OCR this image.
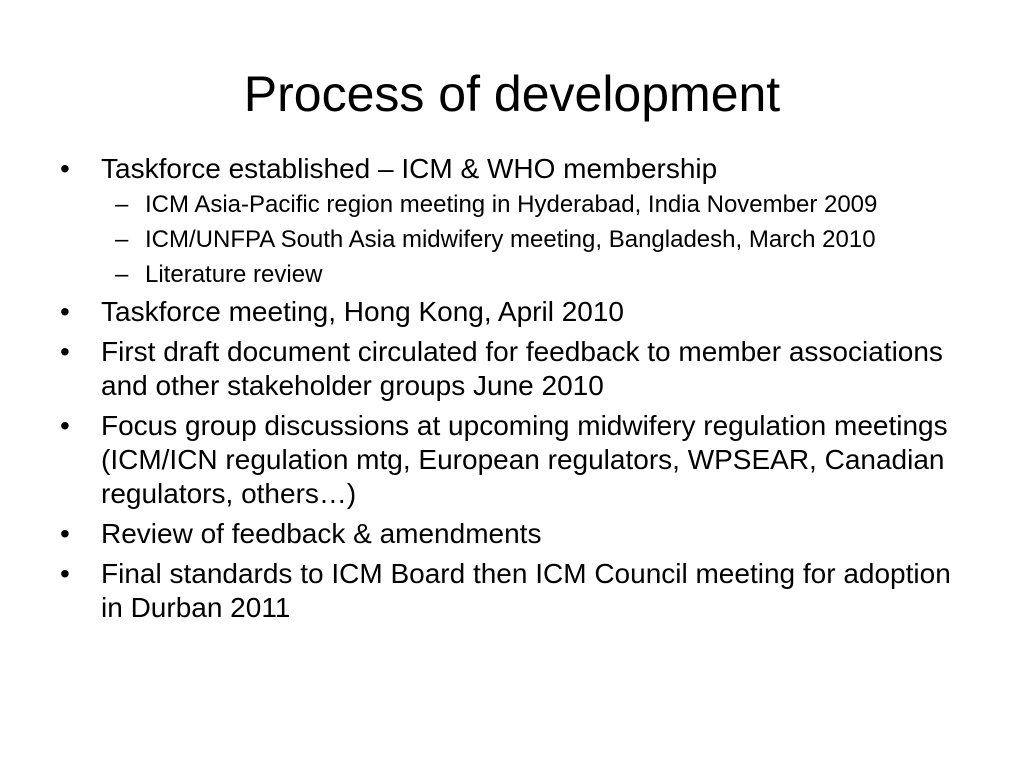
Process of development
•	Taskforce established – ICM & WHO membership
– ICM Asia-Pacific region meeting in Hyderabad, India November 2009
– ICM/UNFPA South Asia midwifery meeting, Bangladesh, March 2010
– Literature review
•	Taskforce meeting, Hong Kong, April 2010
•	First draft document circulated for feedback to member associations and other stakeholder groups June 2010
•	Focus group discussions at upcoming midwifery regulation meetings (ICM/ICN regulation mtg, European regulators, WPSEAR, Canadian regulators, others…)
•	Review of feedback & amendments
•	Final standards to ICM Board then ICM Council meeting for adoption in Durban 2011
